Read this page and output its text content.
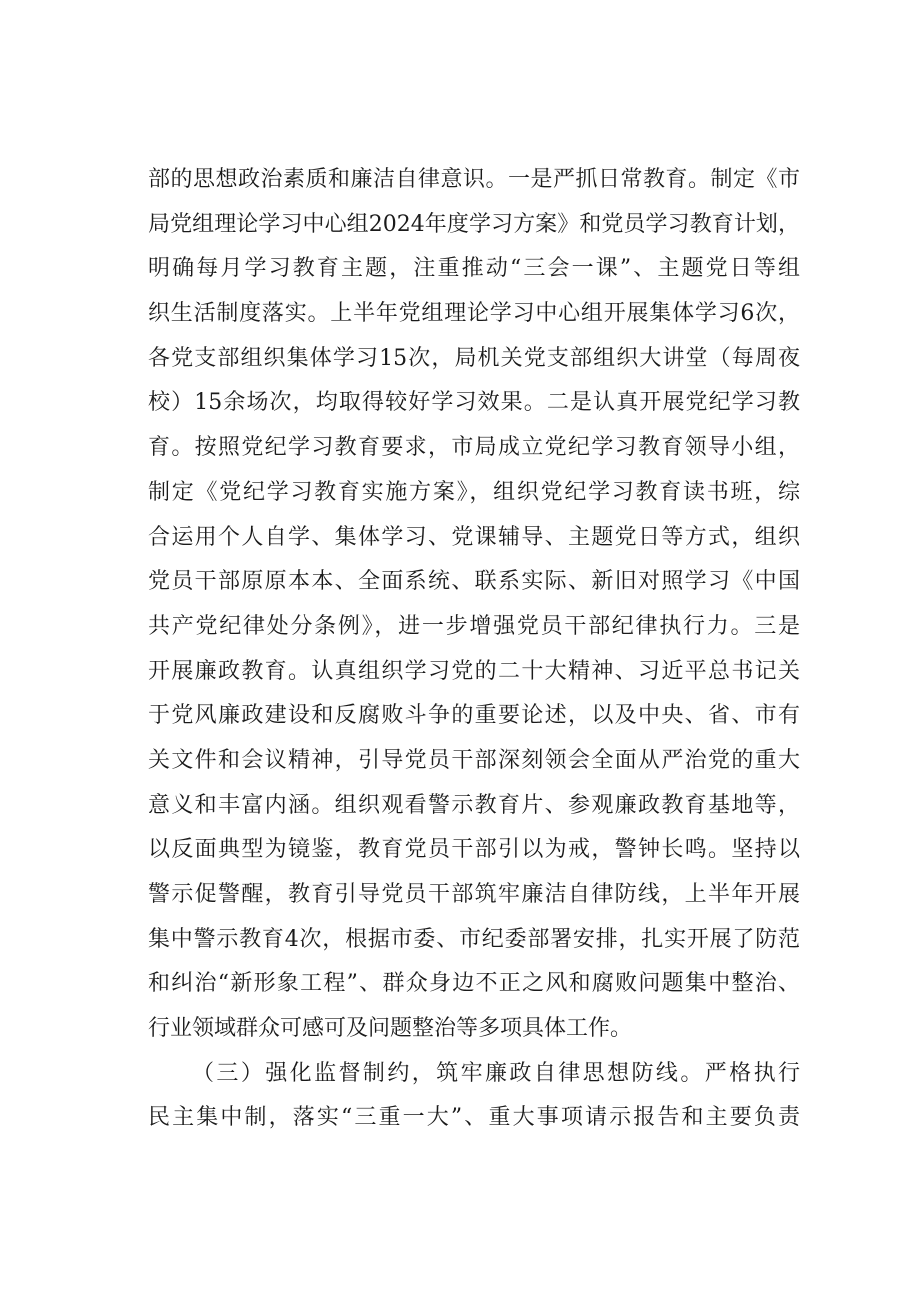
部的思想政治素质和廉洁自律意识。一是严抓日常教育。制定《市
局党组理论学习中心组2024年度学习方案》和党员学习教育计划，
明确每月学习教育主题，注重推动“三会一课”、主题党日等组
织生活制度落实。上半年党组理论学习中心组开展集体学习6次，
各党支部组织集体学习15次，局机关党支部组织大讲堂（每周夜
校）15余场次，均取得较好学习效果。二是认真开展党纪学习教
育。按照党纪学习教育要求，市局成立党纪学习教育领导小组，
制定《党纪学习教育实施方案》，组织党纪学习教育读书班，综
合运用个人自学、集体学习、党课辅导、主题党日等方式，组织
党员干部原原本本、全面系统、联系实际、新旧对照学习《中国
共产党纪律处分条例》，进一步增强党员干部纪律执行力。三是
开展廉政教育。认真组织学习党的二十大精神、习近平总书记关
于党风廉政建设和反腐败斗争的重要论述，以及中央、省、市有
关文件和会议精神，引导党员干部深刻领会全面从严治党的重大
意义和丰富内涵。组织观看警示教育片、参观廉政教育基地等，
以反面典型为镜鉴，教育党员干部引以为戒，警钟长鸣。坚持以
警示促警醒，教育引导党员干部筑牢廉洁自律防线，上半年开展
集中警示教育4次，根据市委、市纪委部署安排，扎实开展了防范
和纠治“新形象工程”、群众身边不正之风和腐败问题集中整治、
行业领域群众可感可及问题整治等多项具体工作。
（三）强化监督制约，筑牢廉政自律思想防线。严格执行
民主集中制，落实“三重一大”、重大事项请示报告和主要负责
